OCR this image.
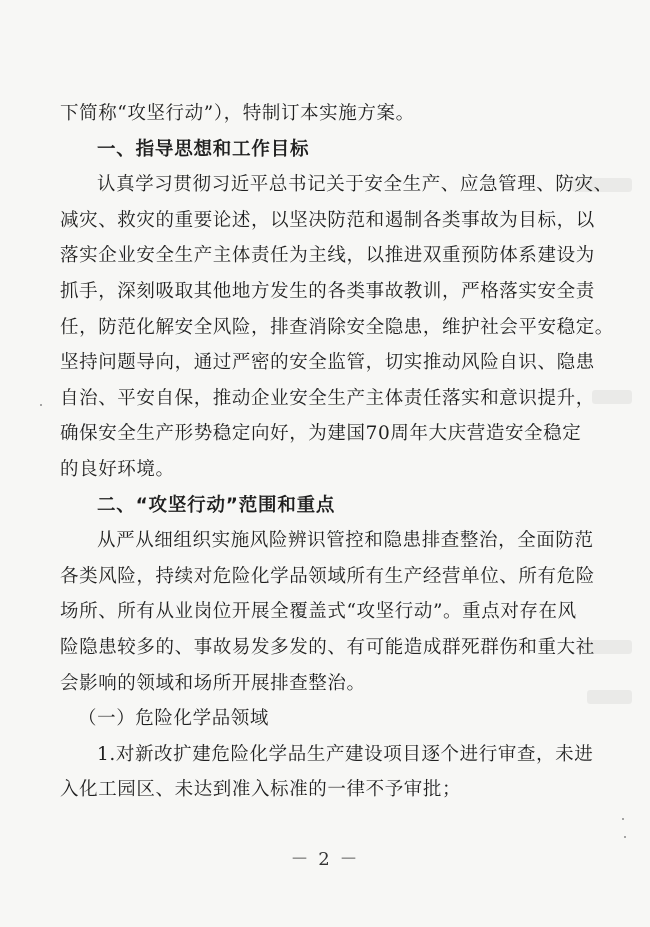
下简称“攻坚行动”），特制订本实施方案。
一、指导思想和工作目标
认真学习贯彻习近平总书记关于安全生产、应急管理、防灾、
减灾、救灾的重要论述，以坚决防范和遏制各类事故为目标，以
落实企业安全生产主体责任为主线，以推进双重预防体系建设为
抓手，深刻吸取其他地方发生的各类事故教训，严格落实安全责
任，防范化解安全风险，排查消除安全隐患，维护社会平安稳定。
坚持问题导向，通过严密的安全监管，切实推动风险自识、隐患
自治、平安自保，推动企业安全生产主体责任落实和意识提升，
确保安全生产形势稳定向好，为建国70周年大庆营造安全稳定
的良好环境。
二、“攻坚行动”范围和重点
从严从细组织实施风险辨识管控和隐患排查整治，全面防范
各类风险，持续对危险化学品领域所有生产经营单位、所有危险
场所、所有从业岗位开展全覆盖式“攻坚行动”。重点对存在风
险隐患较多的、事故易发多发的、有可能造成群死群伤和重大社
会影响的领域和场所开展排查整治。
（一）危险化学品领域
1.对新改扩建危险化学品生产建设项目逐个进行审查，未进
入化工园区、未达到准入标准的一律不予审批；
－ 2 －
